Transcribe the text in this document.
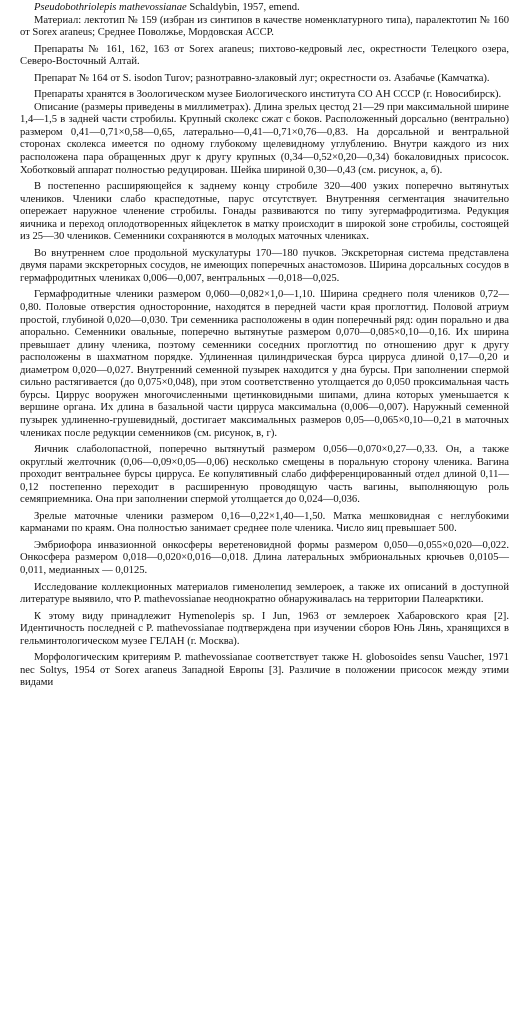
Pseudobothriolepis mathevossianae Schaldybin, 1957, emend.

Материал: лектотип № 159 (избран из синтипов в качестве номенклатурного типа), паралектотип № 160 от Sorex araneus; Среднее Поволжье, Мордовская АССР.

Препараты № 161, 162, 163 от Sorex araneus; пихтово-кедровый лес, окрестности Телецкого озера, Северо-Восточный Алтай.

Препарат № 164 от S. isodon Turov; разнотравно-злаковый луг; окрестности оз. Азабачье (Камчатка).

Препараты хранятся в Зоологическом музее Биологического института СО АН СССР (г. Новосибирск).

Описание (размеры приведены в миллиметрах). Длина зрелых цестод 21—29 при максимальной ширине 1,4—1,5 в задней части стробилы. Крупный сколекс сжат с боков. Расположенный дорсально (вентрально) размером 0,41—0,71×0,58—0,65, латерально—0,41—0,71×0,76—0,83. На дорсальной и вентральной сторонах сколекса имеется по одному глубокому щелевидному углублению. Внутри каждого из них расположена пара обращенных друг к другу крупных (0,34—0,52×0,20—0,34) бокаловидных присосок. Хоботковый аппарат полностью редуцирован. Шейка шириной 0,30—0,43 (см. рисунок, а, б).

В постепенно расширяющейся к заднему концу стробиле 320—400 узких поперечно вытянутых члеников. Членики слабо краспедотные, парус отсутствует. Внутренняя сегментация значительно опережает наружное членение стробилы. Гонады развиваются по типу эугермафродитизма. Редукция яичника и переход оплодотворенных яйцеклеток в матку происходит в широкой зоне стробилы, состоящей из 25—30 члеников. Семенники сохраняются в молодых маточных члениках.

Во внутреннем слое продольной мускулатуры 170—180 пучков. Экскреторная система представлена двумя парами экскреторных сосудов, не имеющих поперечных анастомозов. Ширина дорсальных сосудов в гермафродитных члениках 0,006—0,007, вентральных —0,018—0,025.

Гермафродитные членики размером 0,060—0,082×1,0—1,10. Ширина среднего поля члеников 0,72—0,80. Половые отверстия односторонние, находятся в передней части края проглоттид. Половой атриум простой, глубиной 0,020—0,030. Три семенника расположены в один поперечный ряд: один порально и два апорально. Семенники овальные, поперечно вытянутые размером 0,070—0,085×0,10—0,16. Их ширина превышает длину членика, поэтому семенники соседних проглоттид по отношению друг к другу расположены в шахматном порядке. Удлиненная цилиндрическая бурса цирруса длиной 0,17—0,20 и диаметром 0,020—0,027. Внутренний семенной пузырек находится у дна бурсы. При заполнении спермой сильно растягивается (до 0,075×0,048), при этом соответственно утолщается до 0,050 проксимальная часть бурсы. Циррус вооружен многочисленными щетинковидными шипами, длина которых уменьшается к вершине органа. Их длина в базальной части цирруса максимальна (0,006—0,007). Наружный семенной пузырек удлиненно-грушевидный, достигает максимальных размеров 0,05—0,065×0,10—0,21 в маточных члениках после редукции семенников (см. рисунок, в, г).

Яичник слаболопастной, поперечно вытянутый размером 0,056—0,070×0,27—0,33. Он, а также округлый желточник (0,06—0,09×0,05—0,06) несколько смещены в поральную сторону членика. Вагина проходит вентральнее бурсы цирруса. Ее копулятивный слабо дифференцированный отдел длиной 0,11—0,12 постепенно переходит в расширенную проводящую часть вагины, выполняющую роль семяприемника. Она при заполнении спермой утолщается до 0,024—0,036.

Зрелые маточные членики размером 0,16—0,22×1,40—1,50. Матка мешковидная с неглубокими карманами по краям. Она полностью занимает среднее поле членика. Число яиц превышает 500.

Эмбриофора инвазионной онкосферы веретеновидной формы размером 0,050—0,055×0,020—0,022. Онкосфера размером 0,018—0,020×0,016—0,018. Длина латеральных эмбриональных крючьев 0,0105—0,011, медианных — 0,0125.

Исследование коллекционных материалов гименолепид землероек, а также их описаний в доступной литературе выявило, что P. mathevossianae неоднократно обнаруживалась на территории Палеарктики.

К этому виду принадлежит Hymenolepis sp. I Jun, 1963 от землероек Хабаровского края [2]. Идентичность последней с P. mathevossianae подтверждена при изучении сборов Юнь Лянь, хранящихся в гельминтологическом музее ГЕЛАН (г. Москва).

Морфологическим критериям P. mathevossianae соответствует также H. globosoides sensu Vaucher, 1971 nec Soltys, 1954 от Sorex araneus Западной Европы [3]. Различие в положении присосок между этими видами
